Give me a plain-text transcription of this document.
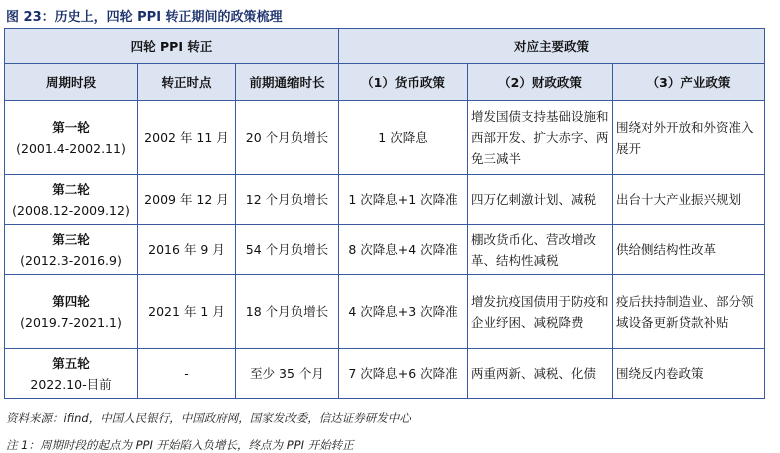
图 23：历史上，四轮 PPI 转正期间的政策梳理
四轮 PPI 转正			对应主要政策		
周期时段	转正时点	前期通缩时长	（1）货币政策	（2）财政政策	（3）产业政策

第一轮
(2001.4-2002.11)	2002 年 11 月	20 个月负增长	1 次降息	增发国债支持基础设施和西部开发、扩大赤字、两免三减半	围绕对外开放和外资准入展开

第二轮
(2008.12-2009.12)	2009 年 12 月	12 个月负增长	1 次降息+1 次降准	四万亿刺激计划、减税	出台十大产业振兴规划

第三轮
(2012.3-2016.9)	2016 年 9 月	54 个月负增长	8 次降息+4 次降准	棚改货币化、营改增改革、结构性减税	供给侧结构性改革

第四轮
(2019.7-2021.1)	2021 年 1 月	18 个月负增长	4 次降息+3 次降准	增发抗疫国债用于防疫和企业纾困、减税降费	疫后扶持制造业、部分领域设备更新贷款补贴

第五轮
2022.10-目前	-	至少 35 个月	7 次降息+6 次降准	两重两新、减税、化债	围绕反内卷政策
资料来源：ifind，中国人民银行，中国政府网，国家发改委，信达证券研发中心
注 1：周期时段的起点为 PPI 开始陷入负增长，终点为 PPI 开始转正
